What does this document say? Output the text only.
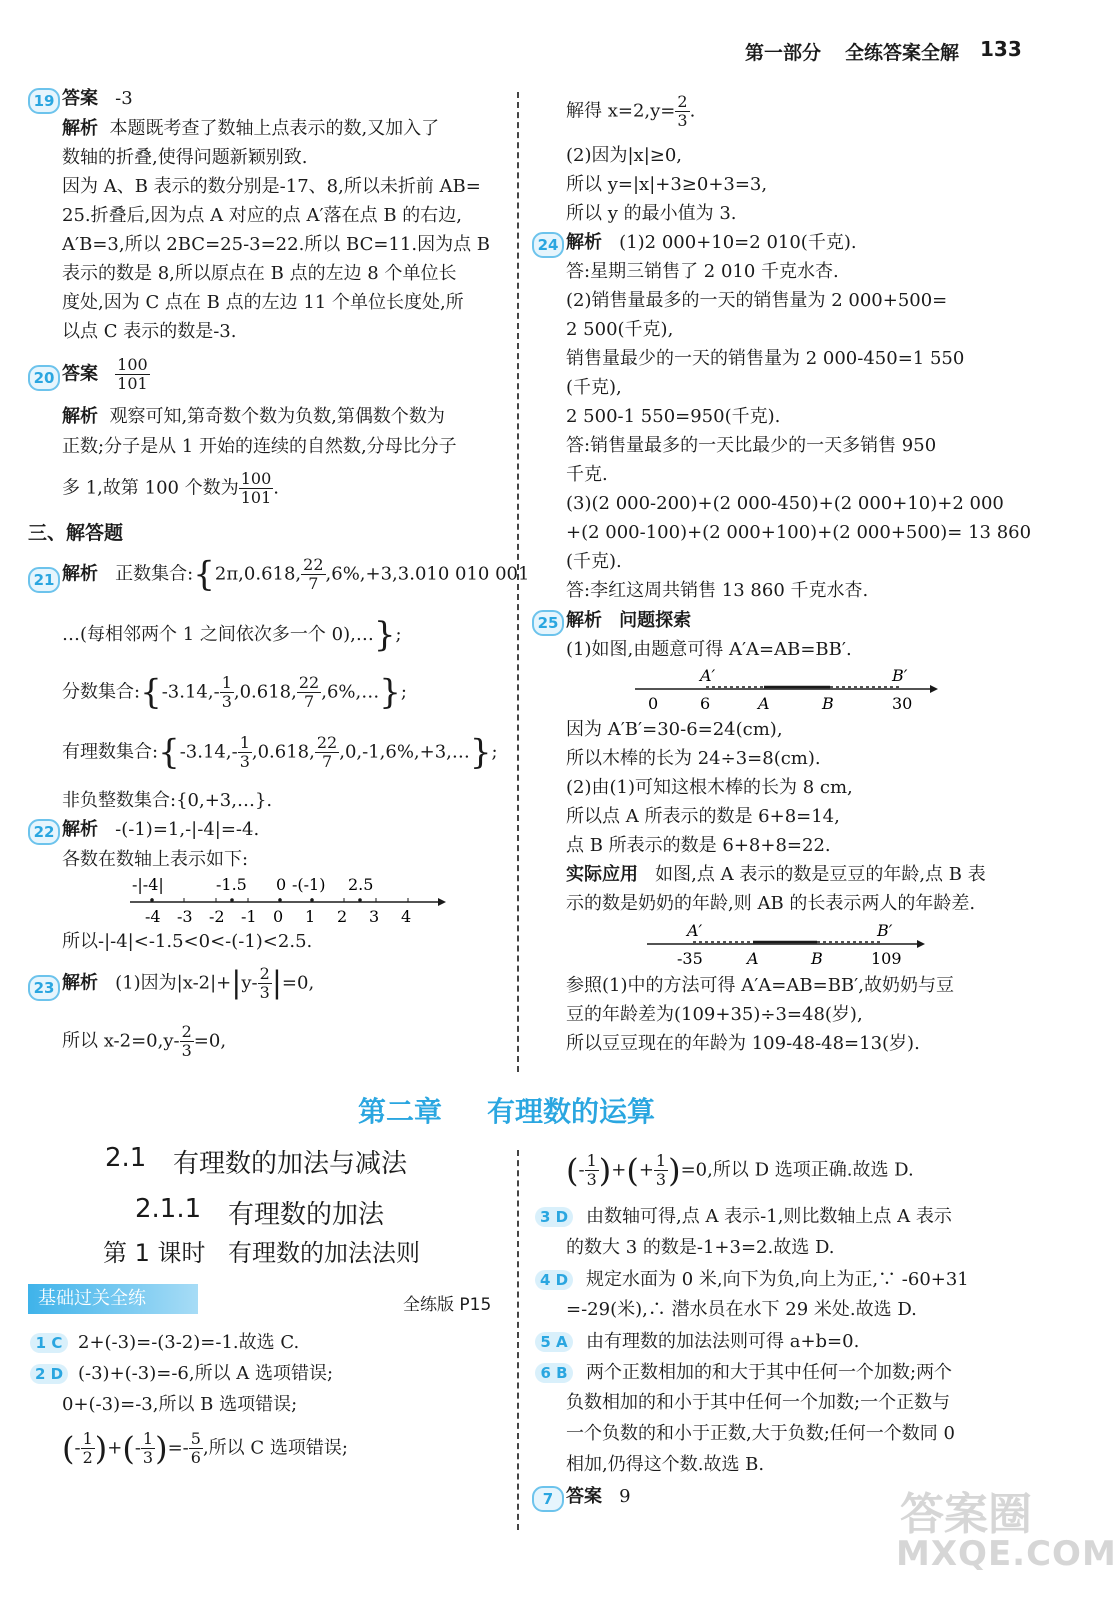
第一部分 全练答案全解 133
19 答案 -3
解析 本题既考查了数轴上点表示的数,又加入了
数轴的折叠,使得问题新颖别致.
因为 A、B 表示的数分别是-17、8,所以未折前 AB=
25.折叠后,因为点 A 对应的点 A′落在点 B 的右边,
A′B=3,所以 2BC=25-3=22.所以 BC=11.因为点 B
表示的数是 8,所以原点在 B 点的左边 8 个单位长
度处,因为 C 点在 B 点的左边 11 个单位长度处,所
以点 C 表示的数是-3.
20 答案 $\frac{100}{101}$
解析 观察可知,第奇数个数为负数,第偶数个数为
正数;分子是从 1 开始的连续的自然数,分母比分子
多 1,故第 100 个数为 $\frac{100}{101}$ .
三、解答题
21 解析 正数集合:{2π,0.618, $\frac{22}{7} ,6\%,+3,3.010$ 010 001
…(每相邻两个 1 之间依次多一个 0),…};
分数集合:{-3.14,- $\frac{1}{3} ,0.618$, $\frac{22}{7}$ ,6%,…};
有理数集合:{-3.14,- $\frac{1}{3} ,0.618$, $\frac{22}{7}$ ,0,-1,6%,+3,…};
非负整数集合:{0,+3,…}.
22 解析 -(-1)=1,-|-4|=-4.
各数在数轴上表示如下:
-4 -3 -2 -1 0 1 2 3 4
-|-4|	-1.5 0 -(-1) 2.5
所以-|-4|<-1.5<0<-(-1)<2.5.
23 解析 (1)因为$|x-2|+|y- \frac{2}{3} |=0$,
所以 $x-2=0,y- \frac{2}{3} =0$,
解得 $x=2,y= \frac{2}{3}$ .
(2)因为|x|≥0,
所以 y=|x|+3≥0+3=3,
所以 y 的最小值为 3.
24 解析 (1)2 000+10=2 010(千克).
答:星期三销售了 2 010 千克水杏.
(2)销售量最多的一天的销售量为 2 000+500=
2 500(千克),
销售量最少的一天的销售量为 2 000-450=1 550
(千克),
2 500-1 550=950(千克).
答:销售量最多的一天比最少的一天多销售 950
千克.
(3)(2 000-200)+(2 000-450)+(2 000+10)+2 000
+(2 000-100)+(2 000+100)+(2 000+500)= 13 860
(千克).
答:李红这周共销售 13 860 千克水杏.
25 解析 问题探索
(1)如图,由题意可得 A′A=AB=BB′.
A′	B′
0	6	A	B	30
因为 A′B′=30-6=24(cm),
所以木棒的长为 24÷3=8(cm).
(2)由(1)可知这根木棒的长为 8 cm,
所以点 A 所表示的数是 6+8=14,
点 B 所表示的数是 6+8+8=22.
实际应用 如图,点 A 表示的数是豆豆的年龄,点 B 表
示的数是奶奶的年龄,则 AB 的长表示两人的年龄差.
A′	B′
-35	A	B	109
参照(1)中的方法可得 A′A=AB=BB′,故奶奶与豆
豆的年龄差为(109+35)÷3=48(岁),
所以豆豆现在的年龄为 109-48-48=13(岁).
第二章 有理数的运算
2.1 有理数的加法与减法
2.1.1 有理数的加法
第 1 课时 有理数的加法法则
基础过关全练	全练版 P15
1 C 2+(-3)=-(3-2)=-1.故选 C.
2 D (-3)+(-3)=-6,所以 A 选项错误;
0+(-3)=-3,所以 B 选项错误;
(- $\frac{1}{2}$ )+(- $\frac{1}{3}$ )=- $\frac{5}{6}$ ,所以 C 选项错误;
(- $\frac{1}{3}$ )+(+ $\frac{1}{3} )=0$,所以 D 选项正确.故选 D.
3 D 由数轴可得,点 A 表示-1,则比数轴上点 A 表示
的数大 3 的数是-1+3=2.故选 D.
4 D 规定水面为 0 米,向下为负,向上为正,∵ -60+31
=-29(米),∴ 潜水员在水下 29 米处.故选 D.
5 A 由有理数的加法法则可得 a+b=0.
6 B	两个正数相加的和大于其中任何一个加数;两个
负数相加的和小于其中任何一个加数;一个正数与
一个负数的和小于正数,大于负数;任何一个数同 0
相加,仍得这个数.故选 B.
7 答案 9	答案圈
MXQE.COM
